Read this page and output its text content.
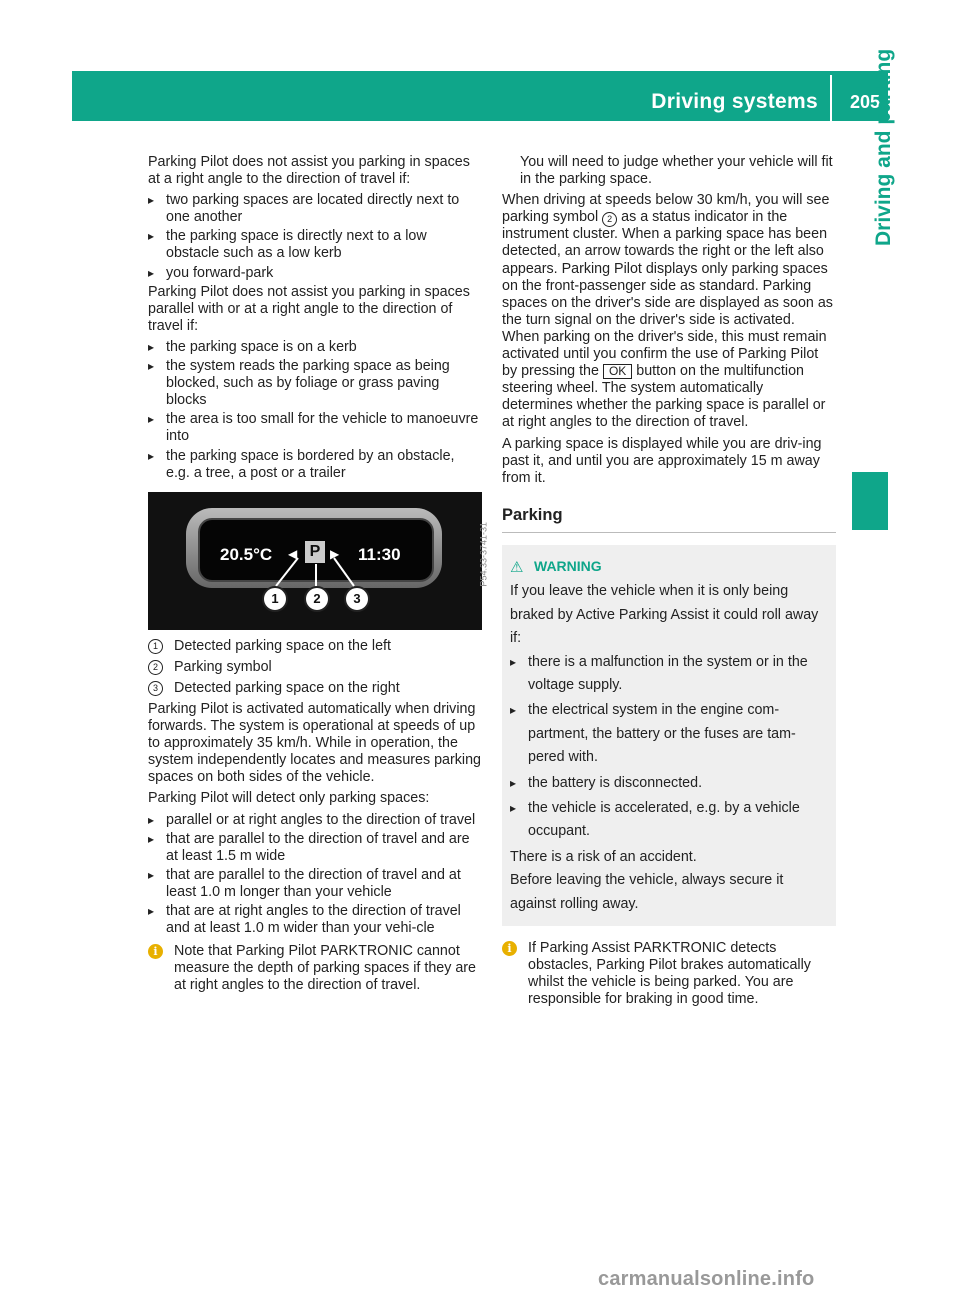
Driving systems 205
Driving and parking

Parking Pilot does not assist you parking in spaces at a right angle to the direction of travel if:

▸ two parking spaces are located directly next to one another
▸ the parking space is directly next to a low obstacle such as a low kerb
▸ you forward-park

Parking Pilot does not assist you parking in spaces parallel with or at a right angle to the direction of travel if:

▸ the parking space is on a kerb
▸ the system reads the parking space as being blocked, such as by foliage or grass paving blocks
▸ the area is too small for the vehicle to manoeuvre into
▸ the parking space is bordered by an obstacle, e.g. a tree, a post or a trailer
20.5°C ◀ P ▶ 11:30
1	2	3
P54.33-3741-31
1	Detected parking space on the left
2	Parking symbol
3	Detected parking space on the right

Parking Pilot is activated automatically when driving forwards. The system is operational at speeds of up to approximately 35 km/h. While in operation, the system independently locates and measures parking spaces on both sides of the vehicle.

Parking Pilot will detect only parking spaces:

▸ parallel or at right angles to the direction of travel
▸ that are parallel to the direction of travel and are at least 1.5 m wide
▸ that are parallel to the direction of travel and at least 1.0 m longer than your vehicle
▸ that are at right angles to the direction of travel and at least 1.0 m wider than your vehi-cle
i	Note that Parking Pilot PARKTRONIC cannot measure the depth of parking spaces if they are at right angles to the direction of travel.

You will need to judge whether your vehicle will fit in the parking space.

When driving at speeds below 30 km/h, you will see parking symbol 2 as a status indicator in the instrument cluster. When a parking space has been detected, an arrow towards the right or the left also appears. Parking Pilot displays only parking spaces on the front-passenger side as standard. Parking spaces on the driver's side are displayed as soon as the turn signal on the driver's side is activated. When parking on the driver's side, this must remain activated until you confirm the use of Parking Pilot by pressing the OK button on the multifunction steering wheel. The system automatically determines whether the parking space is parallel or at right angles to the direction of travel.

A parking space is displayed while you are driv-ing past it, and until you are approximately 15 m away from it.

Parking
⚠ WARNING

If you leave the vehicle when it is only being braked by Active Parking Assist it could roll away if:

▸ there is a malfunction in the system or in the voltage supply.
▸ the electrical system in the engine com-partment, the battery or the fuses are tam-pered with.
▸ the battery is disconnected.
▸ the vehicle is accelerated, e.g. by a vehicle occupant.

There is a risk of an accident.

Before leaving the vehicle, always secure it against rolling away.

i	If Parking Assist PARKTRONIC detects obstacles, Parking Pilot brakes automatically whilst the vehicle is being parked. You are responsible for braking in good time.
carmanualsonline.info
